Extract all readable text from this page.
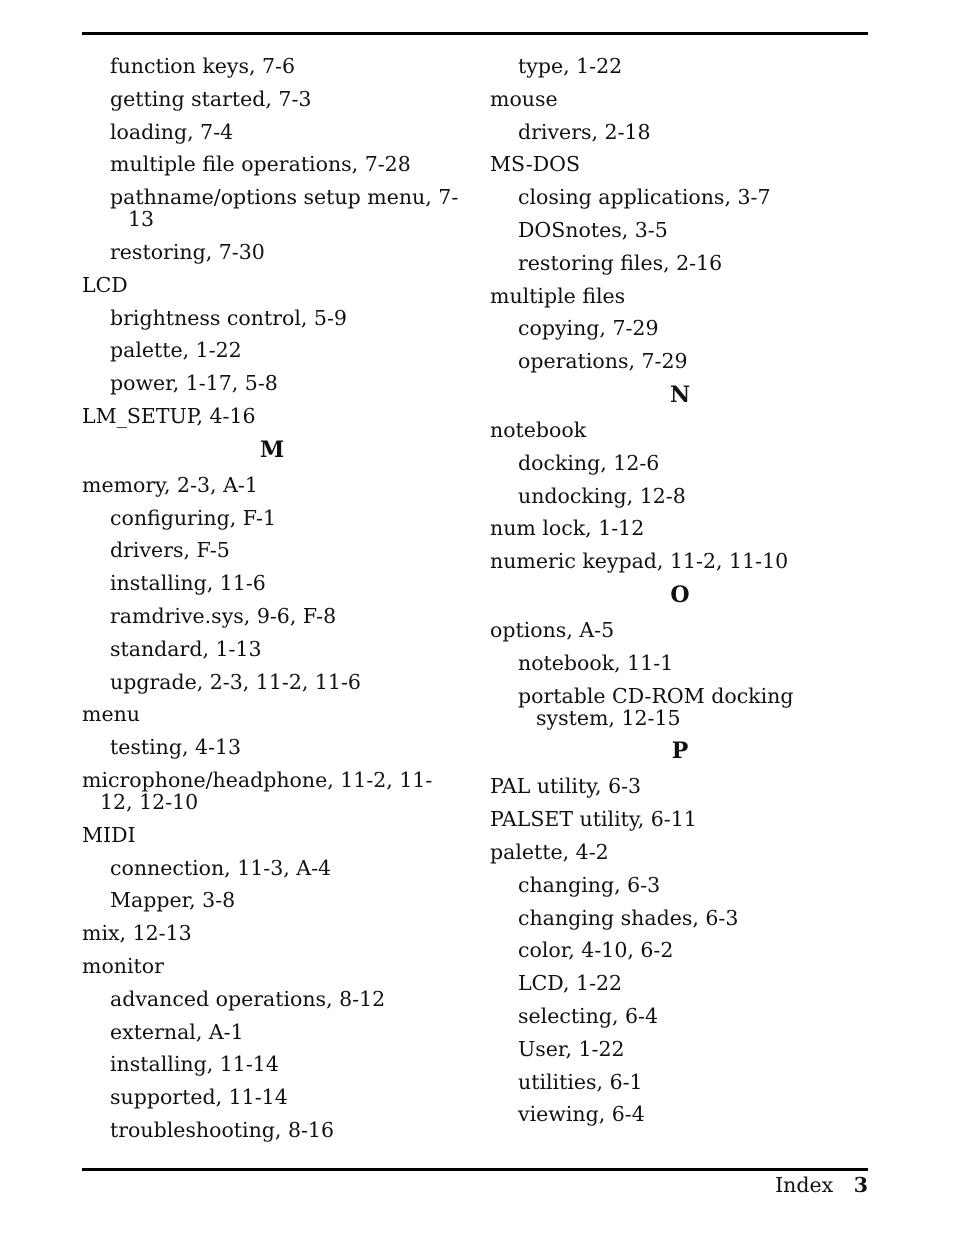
function keys, 7-6
getting started, 7-3
loading, 7-4
multiple file operations, 7-28
pathname/options setup menu, 7-13
restoring, 7-30
LCD
brightness control, 5-9
palette, 1-22
power, 1-17, 5-8
LM_SETUP, 4-16
M
memory, 2-3, A-1
configuring, F-1
drivers, F-5
installing, 11-6
ramdrive.sys, 9-6, F-8
standard, 1-13
upgrade, 2-3, 11-2, 11-6
menu
testing, 4-13
microphone/headphone, 11-2, 11-12, 12-10
MIDI
connection, 11-3, A-4
Mapper, 3-8
mix, 12-13
monitor
advanced operations, 8-12
external, A-1
installing, 11-14
supported, 11-14
troubleshooting, 8-16
type, 1-22
mouse
drivers, 2-18
MS-DOS
closing applications, 3-7
DOSnotes, 3-5
restoring files, 2-16
multiple files
copying, 7-29
operations, 7-29
N
notebook
docking, 12-6
undocking, 12-8
num lock, 1-12
numeric keypad, 11-2, 11-10
O
options, A-5
notebook, 11-1
portable CD-ROM docking system, 12-15
P
PAL utility, 6-3
PALSET utility, 6-11
palette, 4-2
changing, 6-3
changing shades, 6-3
color, 4-10, 6-2
LCD, 1-22
selecting, 6-4
User, 1-22
utilities, 6-1
viewing, 6-4
Index 3
